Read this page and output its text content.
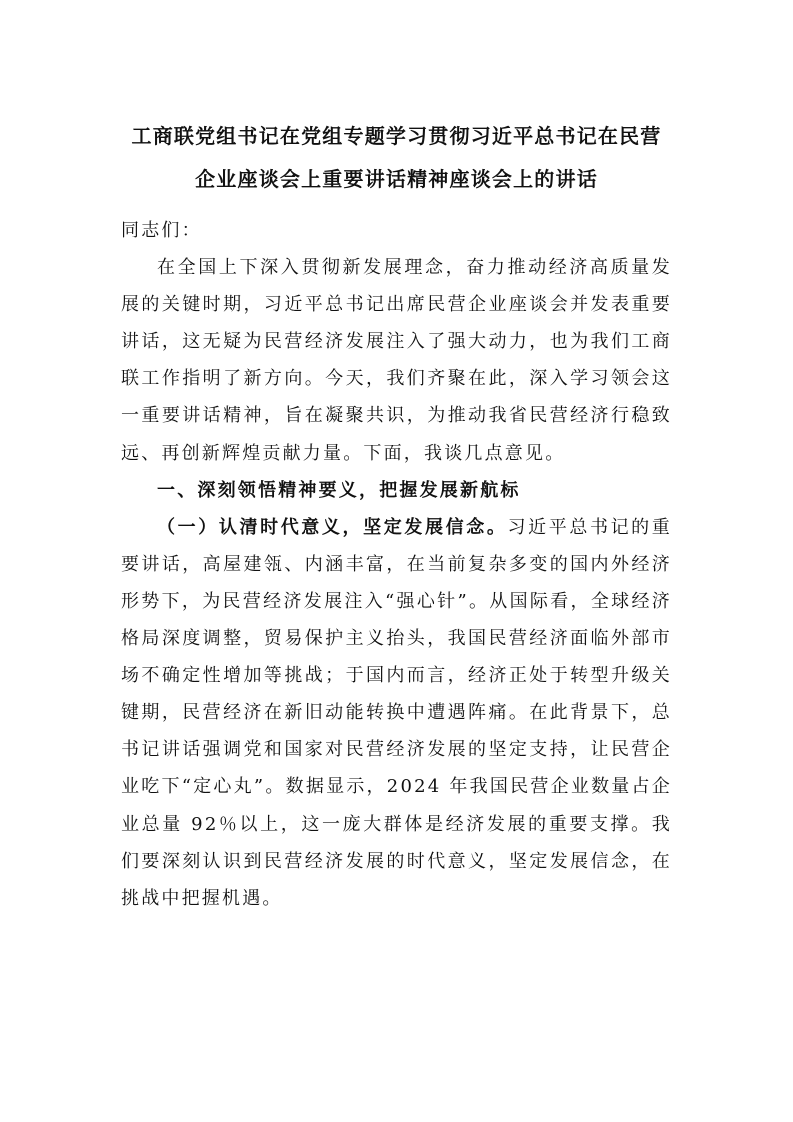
工商联党组书记在党组专题学习贯彻习近平总书记在民营
企业座谈会上重要讲话精神座谈会上的讲话

同志们：

在全国上下深入贯彻新发展理念，奋力推动经济高质量发展的关键时期，习近平总书记出席民营企业座谈会并发表重要讲话，这无疑为民营经济发展注入了强大动力，也为我们工商联工作指明了新方向。今天，我们齐聚在此，深入学习领会这一重要讲话精神，旨在凝聚共识，为推动我省民营经济行稳致远、再创新辉煌贡献力量。下面，我谈几点意见。

一、深刻领悟精神要义，把握发展新航标

（一）认清时代意义，坚定发展信念。习近平总书记的重要讲话，高屋建瓴、内涵丰富，在当前复杂多变的国内外经济形势下，为民营经济发展注入“强心针”。从国际看，全球经济格局深度调整，贸易保护主义抬头，我国民营经济面临外部市场不确定性增加等挑战；于国内而言，经济正处于转型升级关键期，民营经济在新旧动能转换中遭遇阵痛。在此背景下，总书记讲话强调党和国家对民营经济发展的坚定支持，让民营企业吃下“定心丸”。数据显示，2024 年我国民营企业数量占企业总量 92％以上，这一庞大群体是经济发展的重要支撑。我们要深刻认识到民营经济发展的时代意义，坚定发展信念，在挑战中把握机遇。
